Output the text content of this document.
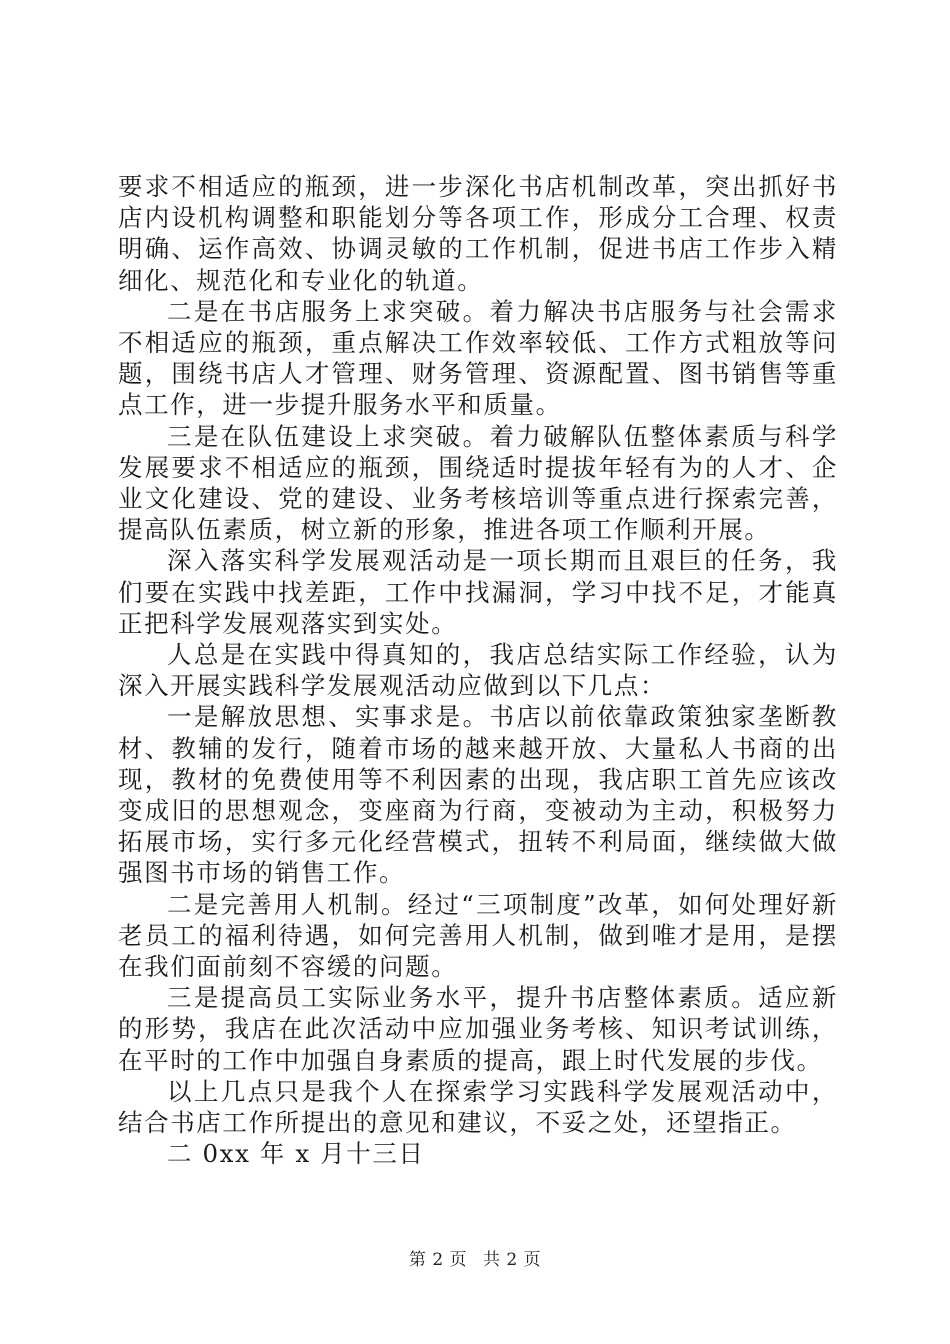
要求不相适应的瓶颈，进一步深化书店机制改革，突出抓好书店内设机构调整和职能划分等各项工作，形成分工合理、权责明确、运作高效、协调灵敏的工作机制，促进书店工作步入精细化、规范化和专业化的轨道。

二是在书店服务上求突破。着力解决书店服务与社会需求不相适应的瓶颈，重点解决工作效率较低、工作方式粗放等问题，围绕书店人才管理、财务管理、资源配置、图书销售等重点工作，进一步提升服务水平和质量。

三是在队伍建设上求突破。着力破解队伍整体素质与科学发展要求不相适应的瓶颈，围绕适时提拔年轻有为的人才、企业文化建设、党的建设、业务考核培训等重点进行探索完善，提高队伍素质，树立新的形象，推进各项工作顺利开展。

深入落实科学发展观活动是一项长期而且艰巨的任务，我们要在实践中找差距，工作中找漏洞，学习中找不足，才能真正把科学发展观落实到实处。

人总是在实践中得真知的，我店总结实际工作经验，认为深入开展实践科学发展观活动应做到以下几点：

一是解放思想、实事求是。书店以前依靠政策独家垄断教材、教辅的发行，随着市场的越来越开放、大量私人书商的出现，教材的免费使用等不利因素的出现，我店职工首先应该改变成旧的思想观念，变座商为行商，变被动为主动，积极努力拓展市场，实行多元化经营模式，扭转不利局面，继续做大做强图书市场的销售工作。

二是完善用人机制。经过“三项制度”改革，如何处理好新老员工的福利待遇，如何完善用人机制，做到唯才是用，是摆在我们面前刻不容缓的问题。

三是提高员工实际业务水平，提升书店整体素质。适应新的形势，我店在此次活动中应加强业务考核、知识考试训练，在平时的工作中加强自身素质的提高，跟上时代发展的步伐。

以上几点只是我个人在探索学习实践科学发展观活动中，结合书店工作所提出的意见和建议，不妥之处，还望指正。

二 0xx 年 x 月十三日

第 2 页 共 2 页
